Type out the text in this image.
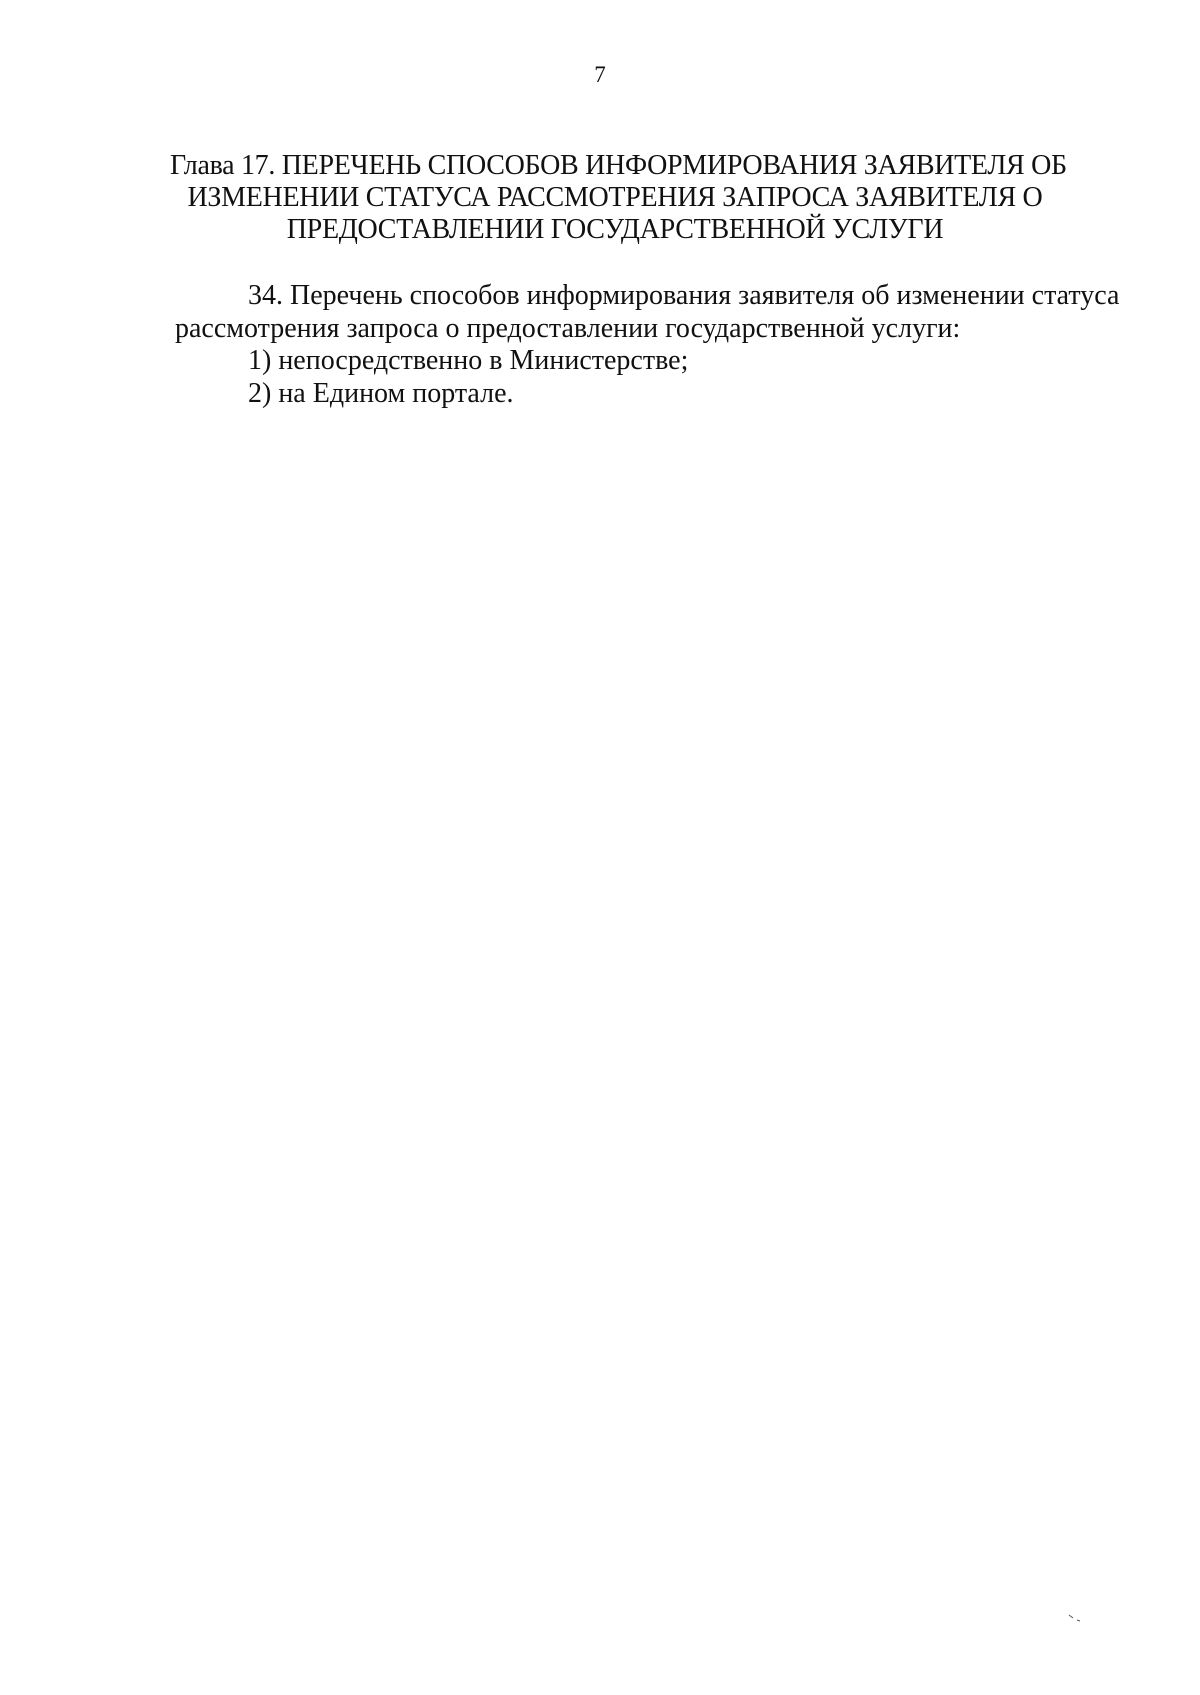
7
Глава 17. ПЕРЕЧЕНЬ СПОСОБОВ ИНФОРМИРОВАНИЯ ЗАЯВИТЕЛЯ ОБ
ИЗМЕНЕНИИ СТАТУСА РАССМОТРЕНИЯ ЗАПРОСА ЗАЯВИТЕЛЯ О
ПРЕДОСТАВЛЕНИИ ГОСУДАРСТВЕННОЙ УСЛУГИ
34. Перечень способов информирования заявителя об изменении статуса
рассмотрения запроса о предоставлении государственной услуги:
1) непосредственно в Министерстве;
2) на Едином портале.
